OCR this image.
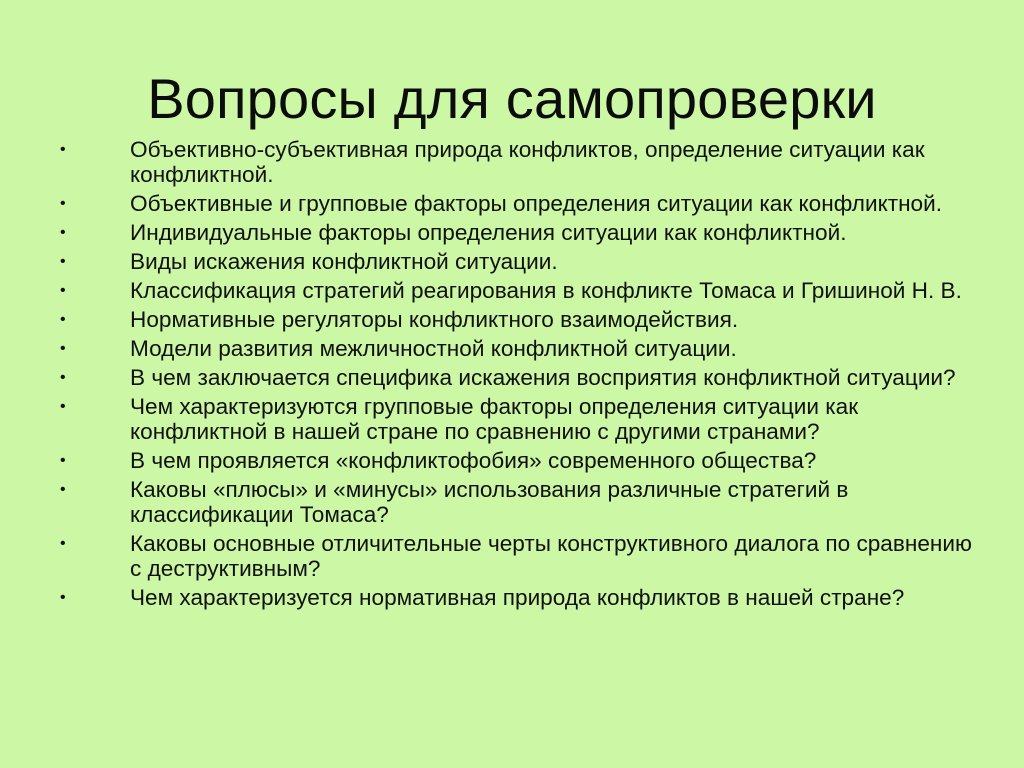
Вопросы для самопроверки
•	Объективно-субъективная природа конфликтов, определение ситуации как конфликтной.
•	Объективные и групповые факторы определения ситуации как конфликтной.
•	Индивидуальные факторы определения ситуации как конфликтной.
•	Виды искажения конфликтной ситуации.
•	Классификация стратегий реагирования в конфликте Томаса и Гришиной Н. В.
•	Нормативные регуляторы конфликтного взаимодействия.
•	Модели развития межличностной конфликтной ситуации.
•	В чем заключается специфика искажения восприятия конфликтной ситуации?
•	Чем характеризуются групповые факторы определения ситуации как конфликтной в нашей стране по сравнению с другими странами?
•	В чем проявляется «конфликтофобия» современного общества?
•	Каковы «плюсы» и «минусы» использования различные стратегий в классификации Томаса?
•	Каковы основные отличительные черты конструктивного диалога по сравнению с деструктивным?
•	Чем характеризуется нормативная природа конфликтов в нашей стране?
